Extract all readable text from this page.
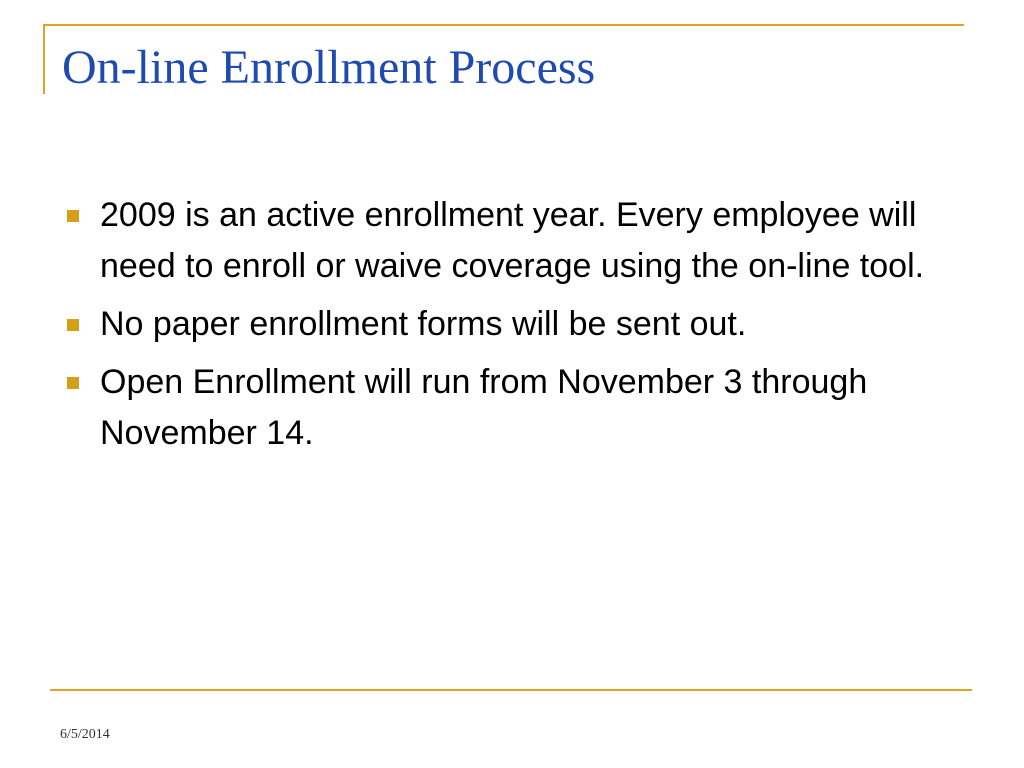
On-line Enrollment Process
2009 is an active enrollment year. Every employee will need to enroll or waive coverage using the on-line tool.
No paper enrollment forms will be sent out.
Open Enrollment will run from November 3 through November 14.
6/5/2014
